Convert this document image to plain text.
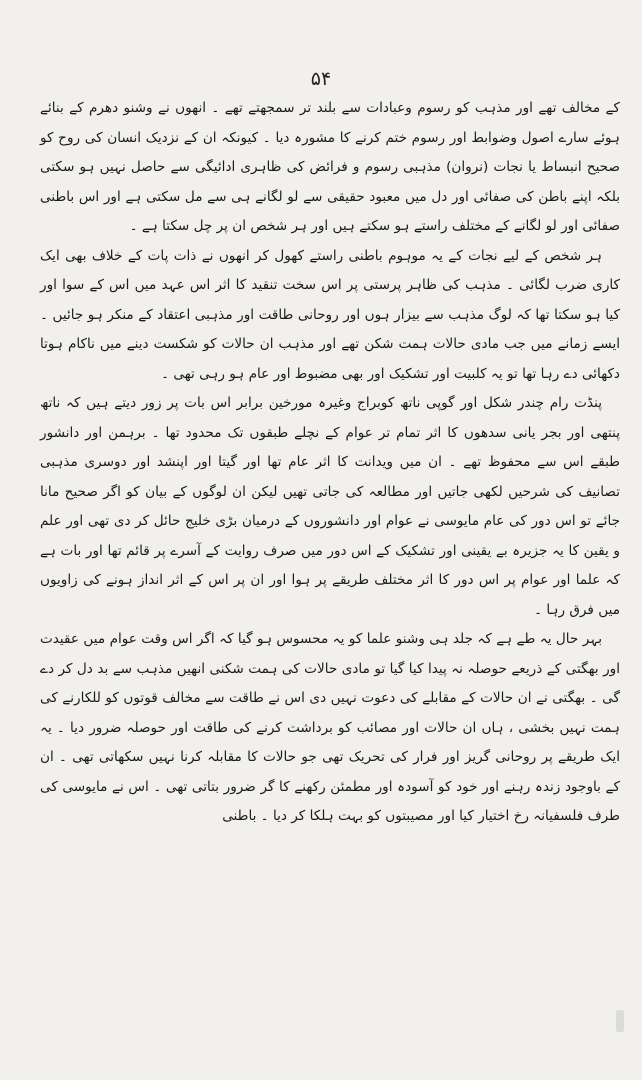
۵۴

کے مخالف تھے اور مذہب کو رسوم وعبادات سے بلند تر سمجھتے تھے ۔ انھوں نے وشنو دھرم کے بنائے ہوئے سارے اصول وضوابط اور رسوم ختم کرنے کا مشورہ دیا ۔ کیونکہ ان کے نزدیک انسان کی روح کو صحیح انبساط یا نجات (نروان) مذہبی رسوم و فرائض کی ظاہری ادائیگی سے حاصل نہیں ہو سکتی بلکہ اپنے باطن کی صفائی اور دل میں معبود حقیقی سے لو لگانے ہی سے مل سکتی ہے اور اس باطنی صفائی اور لو لگانے کے مختلف راستے ہو سکتے ہیں اور ہر شخص ان پر چل سکتا ہے ۔

ہر شخص کے لیے نجات کے یہ موہوم باطنی راستے کھول کر انھوں نے ذات پات کے خلاف بھی ایک کاری ضرب لگائی ۔ مذہب کی ظاہر پرستی پر اس سخت تنقید کا اثر اس عہد میں اس کے سوا اور کیا ہو سکتا تھا کہ لوگ مذہب سے بیزار ہوں اور روحانی طاقت اور مذہبی اعتقاد کے منکر ہو جائیں ۔ ایسے زمانے میں جب مادی حالات ہمت شکن تھے اور مذہب ان حالات کو شکست دینے میں ناکام ہوتا دکھائی دے رہا تھا تو یہ کلبیت اور تشکیک اور بھی مضبوط اور عام ہو رہی تھی ۔

پنڈت رام چندر شکل اور گوپی ناتھ کوبراج وغیرہ مورخین برابر اس بات پر زور دیتے ہیں کہ ناتھ پنتھی اور بجر یانی سدھوں کا اثر تمام تر عوام کے نچلے طبقوں تک محدود تھا ۔ برہمن اور دانشور طبقے اس سے محفوظ تھے ۔ ان میں ویدانت کا اثر عام تھا اور گیتا اور اپنشد اور دوسری مذہبی تصانیف کی شرحیں لکھی جاتیں اور مطالعہ کی جاتی تھیں لیکن ان لوگوں کے بیان کو اگر صحیح مانا جائے تو اس دور کی عام مایوسی نے عوام اور دانشوروں کے درمیان بڑی خلیج حائل کر دی تھی اور علم و یقین کا یہ جزیرہ بے یقینی اور تشکیک کے اس دور میں صرف روایت کے آسرے پر قائم تھا اور بات ہے کہ علما اور عوام پر اس دور کا اثر مختلف طریقے پر ہوا اور ان پر اس کے اثر انداز ہونے کی زاویوں میں فرق رہا ۔

بہر حال یہ طے ہے کہ جلد ہی وشنو علما کو یہ محسوس ہو گیا کہ اگر اس وقت عوام میں عقیدت اور بھگتی کے ذریعے حوصلہ نہ پیدا کیا گیا تو مادی حالات کی ہمت شکنی انھیں مذہب سے بد دل کر دے گی ۔ بھگتی نے ان حالات کے مقابلے کی دعوت نہیں دی اس نے طاقت سے مخالف قوتوں کو للکارنے کی ہمت نہیں بخشی ، ہاں ان حالات اور مصائب کو برداشت کرنے کی طاقت اور حوصلہ ضرور دیا ۔ یہ ایک طریقے پر روحانی گریز اور فرار کی تحریک تھی جو حالات کا مقابلہ کرنا نہیں سکھاتی تھی ۔ ان کے باوجود زندہ رہنے اور خود کو آسودہ اور مطمئن رکھنے کا گر ضرور بتاتی تھی ۔ اس نے مایوسی کی طرف فلسفیانہ رخ اختیار کیا اور مصیبتوں کو بہت ہلکا کر دیا ۔ باطنی
